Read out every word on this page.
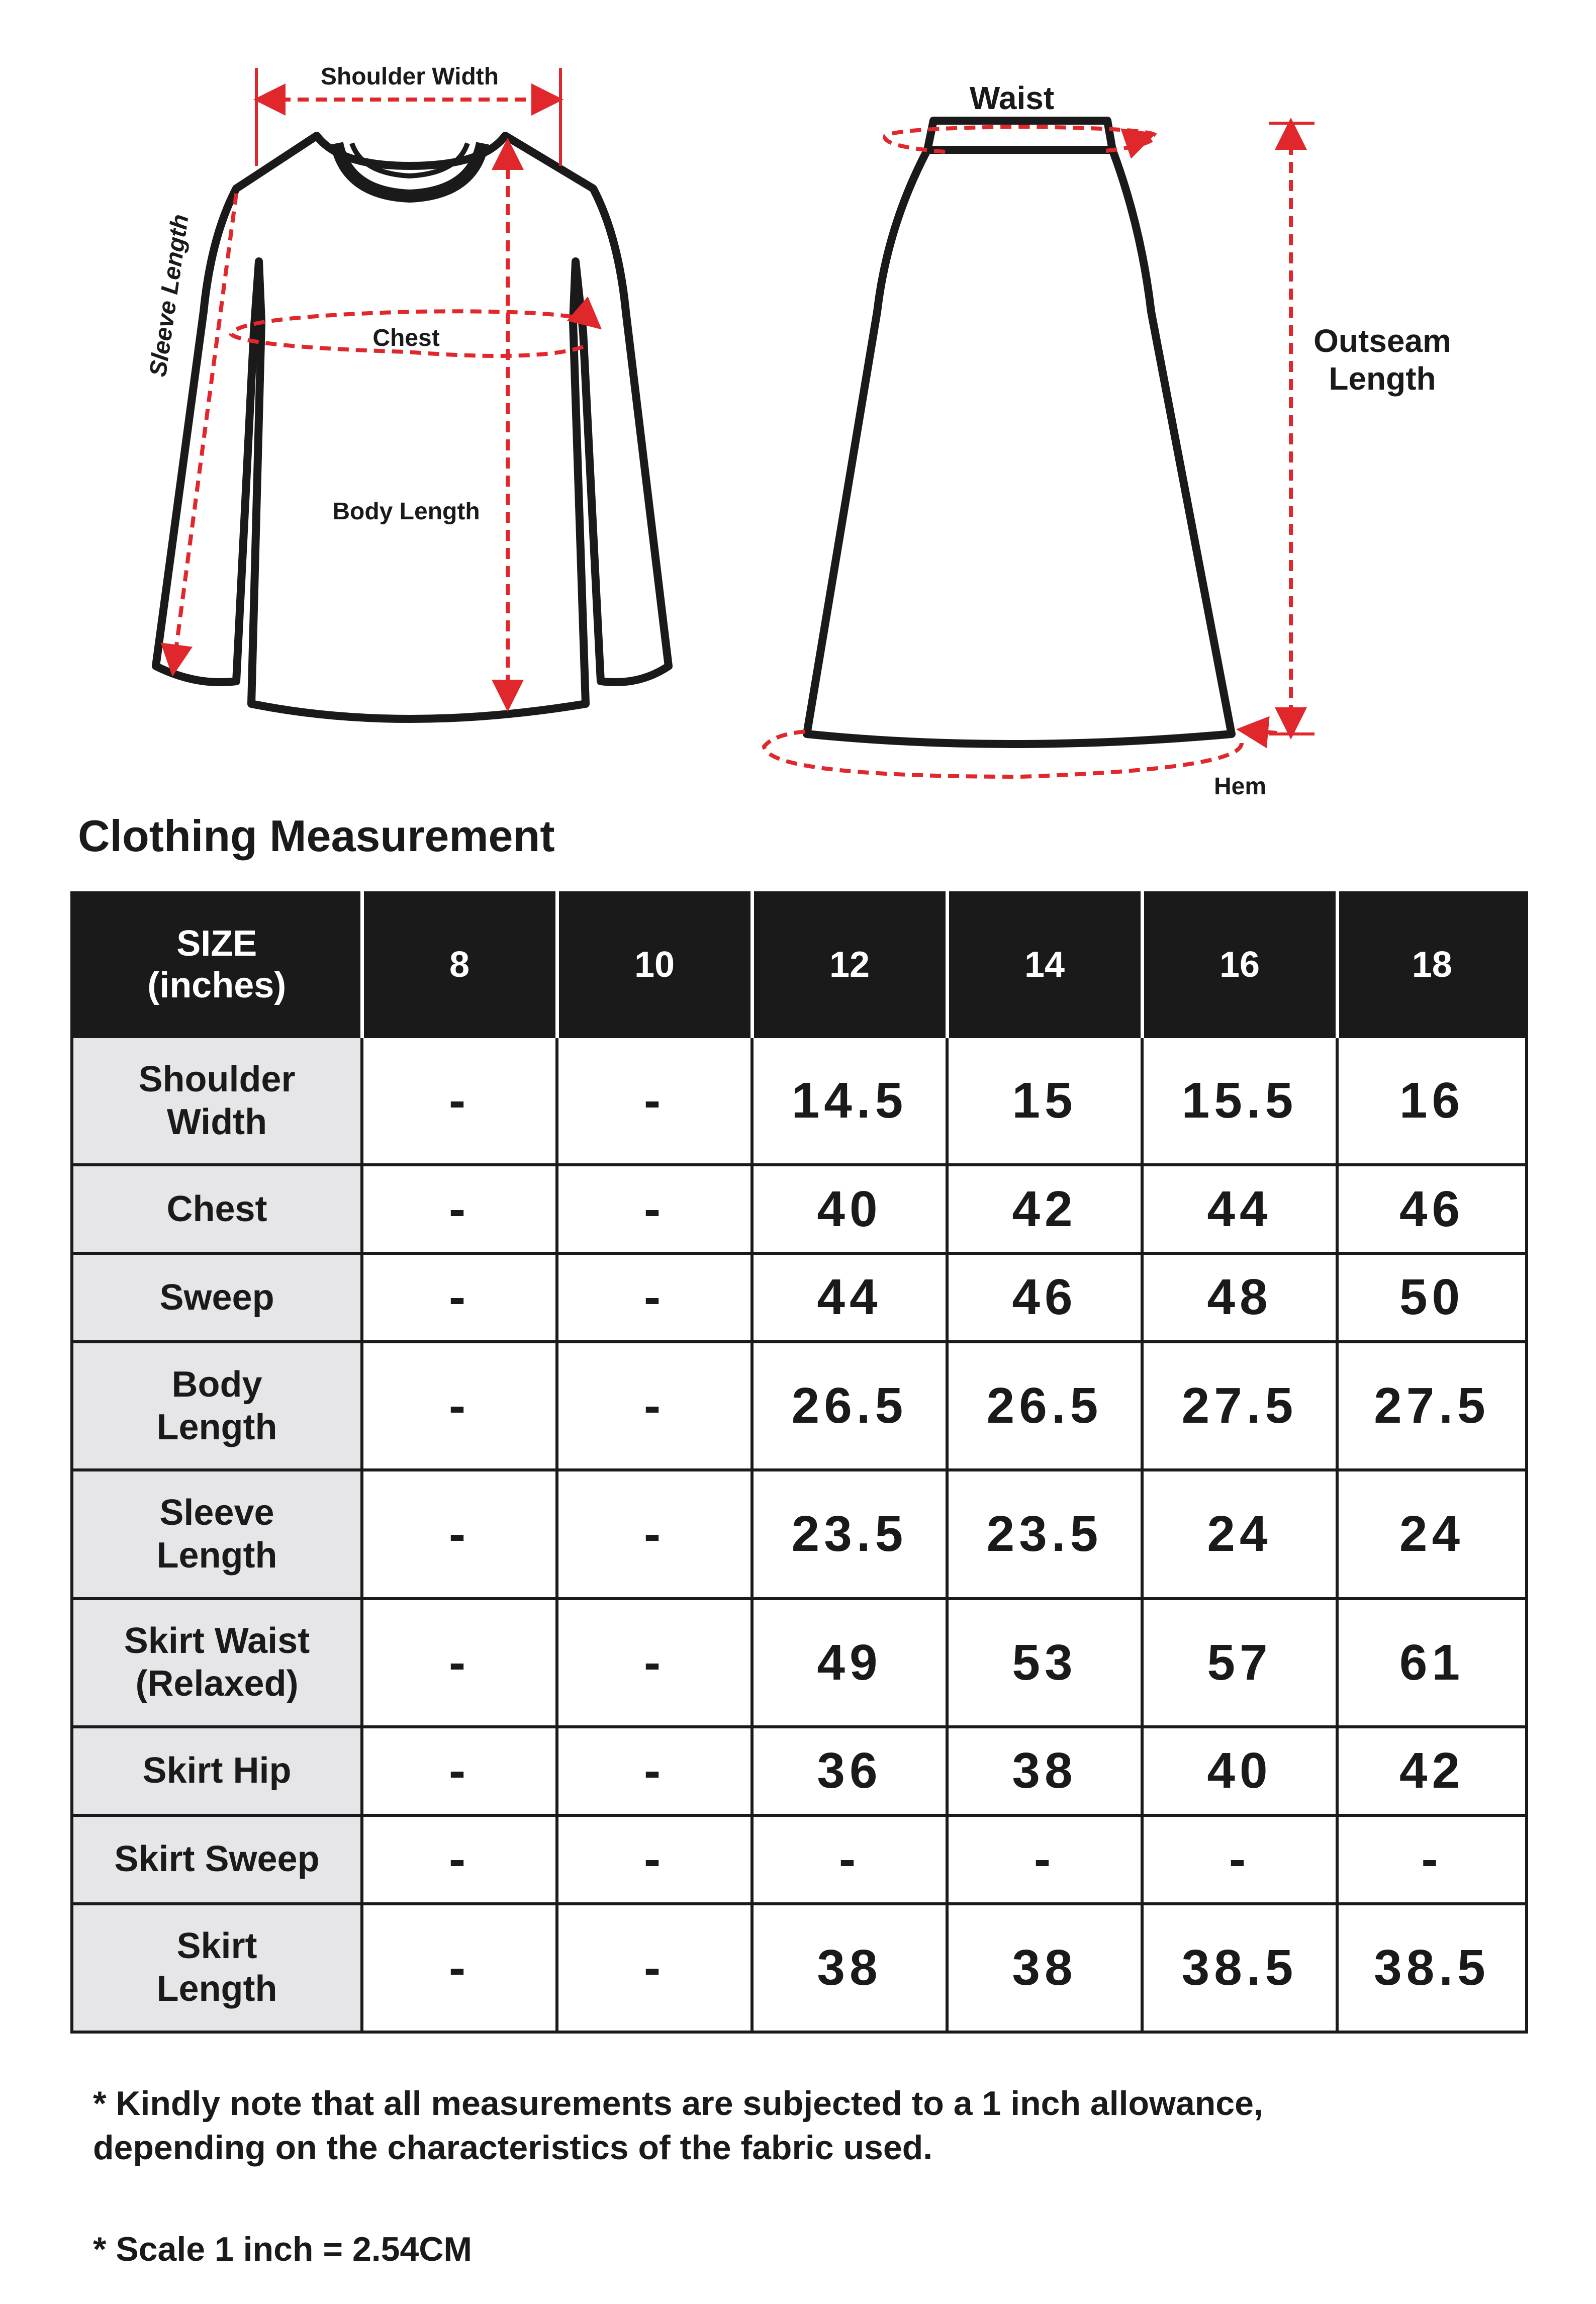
Shoulder Width
Sleeve Length	Chest
Body Length
Waist
Outseam
Length
Hem
Clothing Measurement
SIZE
(inches)	8	10	12	14	16	18
Shoulder
Width	-	-	14.5	15	15.5	16
Chest	-	-	40	42	44	46
Sweep	-	-	44	46	48	50
Body
Length	-	-	26.5	26.5	27.5	27.5
Sleeve
Length	-	-	23.5	23.5	24	24
Skirt Waist
(Relaxed)	-	-	49	53	57	61
Skirt Hip	-	-	36	38	40	42
Skirt Sweep	-	-	-	-	-	-
Skirt
Length	-	-	38	38	38.5	38.5

* Kindly note that all measurements are subjected to a 1 inch allowance,
depending on the characteristics of the fabric used.

* Scale 1 inch = 2.54CM
